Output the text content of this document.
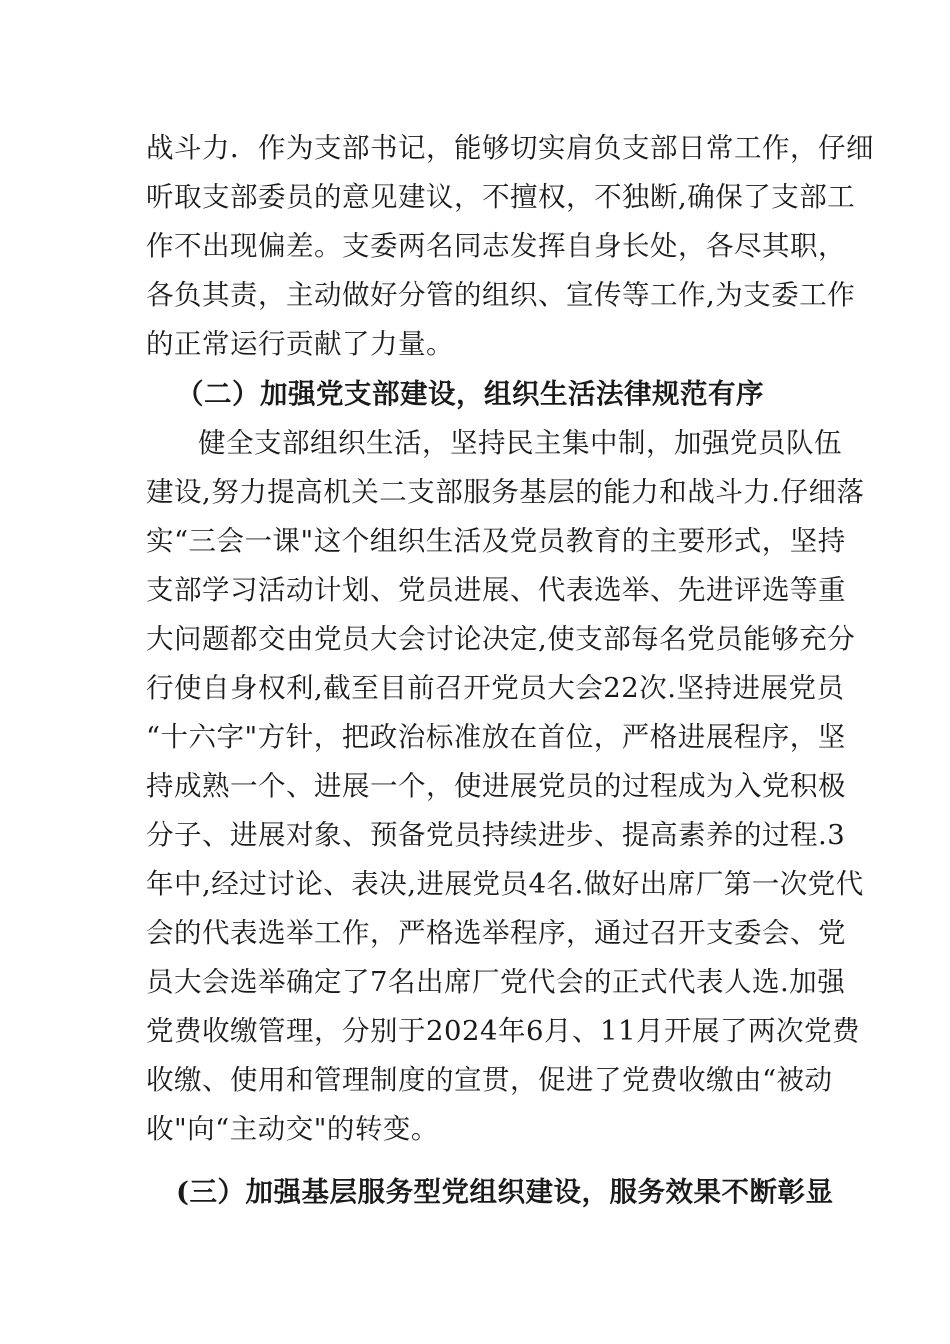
战斗力．作为支部书记，能够切实肩负支部日常工作，仔细
听取支部委员的意见建议，不擅权，不独断,确保了支部工
作不出现偏差。支委两名同志发挥自身长处，各尽其职，
各负其责，主动做好分管的组织、宣传等工作,为支委工作
的正常运行贡献了力量。
（二）加强党支部建设，组织生活法律规范有序
健全支部组织生活，坚持民主集中制，加强党员队伍
建设,努力提高机关二支部服务基层的能力和战斗力.仔细落
实“三会一课"这个组织生活及党员教育的主要形式，坚持
支部学习活动计划、党员进展、代表选举、先进评选等重
大问题都交由党员大会讨论决定,使支部每名党员能够充分
行使自身权利,截至目前召开党员大会22次.坚持进展党员
“十六字"方针，把政治标准放在首位，严格进展程序，坚
持成熟一个、进展一个，使进展党员的过程成为入党积极
分子、进展对象、预备党员持续进步、提高素养的过程.3
年中,经过讨论、表决,进展党员4名.做好出席厂第一次党代
会的代表选举工作，严格选举程序，通过召开支委会、党
员大会选举确定了7名出席厂党代会的正式代表人选.加强
党费收缴管理，分别于2024年6月、11月开展了两次党费
收缴、使用和管理制度的宣贯，促进了党费收缴由“被动
收"向“主动交"的转变。
(三）加强基层服务型党组织建设，服务效果不断彰显
